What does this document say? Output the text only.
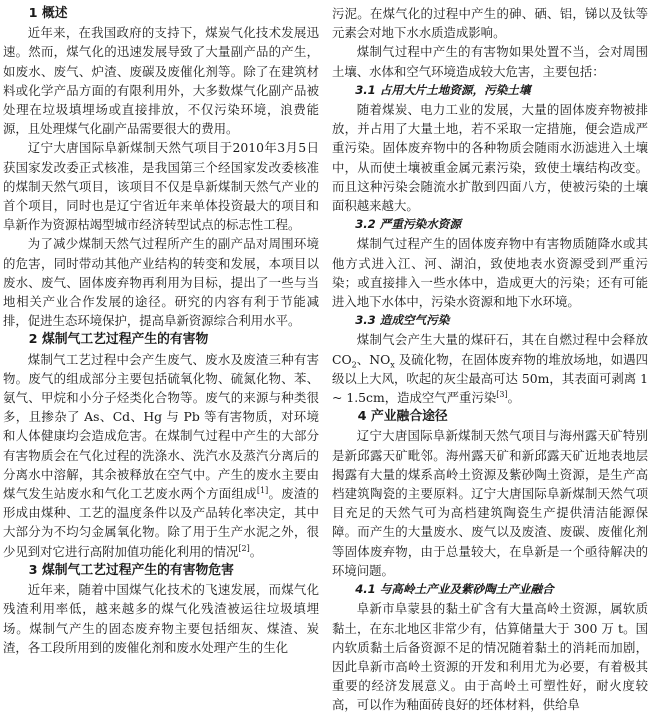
1 概述

近年来，在我国政府的支持下，煤炭气化技术发展迅速。然而，煤气化的迅速发展导致了大量副产品的产生，如废水、废气、炉渣、废碳及废催化剂等。除了在建筑材料或化学产品方面的有限利用外，大多数煤气化副产品被处理在垃圾填埋场或直接排放，不仅污染环境，浪费能源，且处理煤气化副产品需要很大的费用。

辽宁大唐国际阜新煤制天然气项目于2010年3月5日获国家发改委正式核准，是我国第三个经国家发改委核准的煤制天然气项目，该项目不仅是阜新煤制天然气产业的首个项目，同时也是辽宁省近年来单体投资最大的项目和阜新作为资源枯竭型城市经济转型试点的标志性工程。

为了减少煤制天然气过程所产生的副产品对周围环境的危害，同时带动其他产业结构的转变和发展，本项目以废水、废气、固体废弃物再利用为目标，提出了一些与当地相关产业合作发展的途径。研究的内容有利于节能减排，促进生态环境保护，提高阜新资源综合利用水平。

2 煤制气工艺过程产生的有害物

煤制气工艺过程中会产生废气、废水及废渣三种有害物。废气的组成部分主要包括硫氧化物、硫氮化物、苯、氨气、甲烷和小分子烃类化合物等。废气的来源与种类很多，且掺杂了 As、Cd、Hg 与 Pb 等有害物质，对环境和人体健康均会造成危害。在煤制气过程中产生的大部分有害物质会在气化过程的洗涤水、洗汽水及蒸汽分离后的分离水中溶解，其余被释放在空气中。产生的废水主要由煤气发生站废水和气化工艺废水两个方面组成[1]。废渣的形成由煤种、工艺的温度条件以及产品转化率决定，其中大部分为不均匀金属氧化物。除了用于生产水泥之外，很少见到对它进行高附加值功能化利用的情况[2]。

3 煤制气工艺过程产生的有害物危害

近年来，随着中国煤气化技术的飞速发展，而煤气化残渣利用率低，越来越多的煤气化残渣被运往垃圾填埋场。煤制气产生的固态废弃物主要包括细灰、煤渣、炭渣，各工段所用到的废催化剂和废水处理产生的生化

污泥。在煤气化的过程中产生的砷、硒、铝，锑以及钛等元素会对地下水水质造成影响。

煤制气过程中产生的有害物如果处置不当，会对周围土壤、水体和空气环境造成较大危害，主要包括：

3.1 占用大片土地资源，污染土壤

随着煤炭、电力工业的发展，大量的固体废弃物被排放，并占用了大量土地，若不采取一定措施，便会造成严重污染。固体废弃物中的各种物质会随雨水沥滤进入土壤中，从而使土壤被重金属元素污染，致使土壤结构改变。而且这种污染会随流水扩散到四面八方，使被污染的土壤面积越来越大。

3.2 严重污染水资源

煤制气过程产生的固体废弃物中有害物质随降水或其他方式进入江、河、湖泊，致使地表水资源受到严重污染；或直接排入一些水体中，造成更大的污染；还有可能进入地下水体中，污染水资源和地下水环境。

3.3 造成空气污染

煤制气会产生大量的煤矸石，其在自燃过程中会释放 $CO_2$、$NO_x$ 及硫化物，在固体废弃物的堆放场地，如遇四级以上大风，吹起的灰尘最高可达 50m，其表面可剥离 1 ~ 1.5cm，造成空气严重污染[3]。

4 产业融合途径

辽宁大唐国际阜新煤制天然气项目与海州露天矿特别是新邱露天矿毗邻。海州露天矿和新邱露天矿近地表地层揭露有大量的煤系高岭土资源及紫砂陶土资源，是生产高档建筑陶瓷的主要原料。辽宁大唐国际阜新煤制天然气项目充足的天然气可为高档建筑陶瓷生产提供清洁能源保障。而产生的大量废水、废气以及废渣、废碳、废催化剂等固体废弃物，由于总量较大，在阜新是一个亟待解决的环境问题。

4.1 与高岭土产业及紫砂陶土产业融合

阜新市阜蒙县的黏土矿含有大量高岭土资源，属软质黏土，在东北地区非常少有，估算储量大于 300 万 t。国内软质黏土后备资源不足的情况随着黏土的消耗而加剧，因此阜新市高岭土资源的开发和利用尤为必要，有着极其重要的经济发展意义。由于高岭土可塑性好，耐火度较高，可以作为釉面砖良好的坯体材料，供给阜
